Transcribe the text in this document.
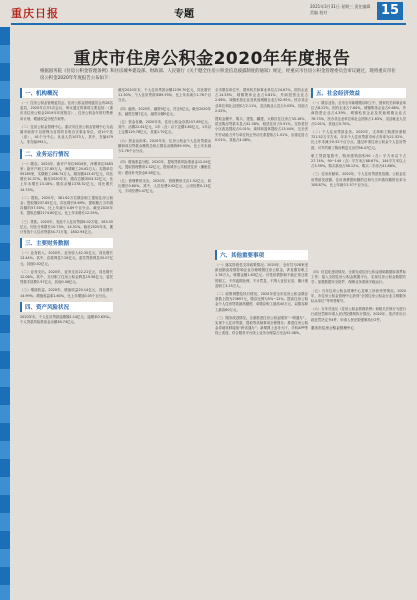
重庆日报	专题
2021年3月31日 星期三 责任编辑 美编 校对	15
重庆市住房公积金2020年年度报告
根据国务院《住房公积金管理条例》和住房城乡建设部、财政部、人民银行《关于健全住房公积金信息披露制度的通知》规定，经重庆市住房公积金管理委员会审议通过，现将重庆市住房公积金2020年年度报告公布如下：
一、机构概况

（一）住房公积金管理委员会。住房公积金管理委员会有28名委员，2020年召开1次会议，审议通过的事项主要包括：《重庆市住房公积金2019年年度报告》、住房公积金年度归集使用计划、增值收益分配方案等。

（二）住房公积金管理中心。重庆市住房公积金管理中心为直属市政府不以营利为目的的自收自支事业单位，设10个处（室），41个分中心。从业人员1073人，其中，在编479人，非在编594人。

二、业务运行情况

（一）缴存。2020年，新开户单位6034家，净增单位5483家；新开户职工27.85万人，净增职工20.62万人；实缴单位55189家，实缴职工288.74万人，缴存额413.67亿元，同比增长10.37%。截至2020年末，缴存总额3553.32亿元，比上年末增长13.18%；缴存余额1378.52亿元，同比增长14.74%。

（二）提取。2020年，381.62万名缴存职工提取住房公积金；提取额237.85亿元，同比增长8.69%；提取额占当年缴存额的57.50%，比上年减少0.89个百分点。截至2020年末，提取总额2174.80亿元，比上年末增长12.29%。

（三）贷款。2020年，发放个人住房贷款6.02万笔、263.35亿元，同比分别增长10.73%、14.51%。截至2020年末，累计发放个人住房贷款54.71万笔、1802.94亿元。

三、主要财务数据

（一）业务收入。2020年，业务收入42.35亿元，同比增长13.44%。其中，存款利息7.26亿元，委托贷款利息35.07亿元，其他0.02亿元。

（二）业务支出。2020年，业务支出22.21亿元，同比增长12.06%。其中，支付职工住房公积金利息19.58亿元，委托贷款手续费2.57亿元，其他0.06亿元。

（三）增值收益。2020年，增值收益20.14亿元，同比增长14.99%；增值收益率1.60%，比上年增加0.05个百分点。

四、资产风险状况

2020年末，个人住房贷款逾期额1.14亿元，逾期率0.63‰，个人贷款风险准备金余额38.74亿元。

截至2020年末，个人住房贷款余额1239.70亿元，同比增长11.30%，个人住房贷款率89.93%，比上年末减少2.76个百分点。

（四）融资。2020年，融资0亿元，归还0亿元。截至2020年末，融资总额7亿元，融资余额0亿元。

（五）资金存储。2020年末，住房公积金存款157.89亿元。其中，活期22.61亿元，1年（含）以下定期3.80亿元，1年以上定期129.78亿元，其他1.70亿元。

（六）资金运用率。2020年末，住房公积金个人住房贷款余额和项目贷款余额的总和占缴存余额的89.93%，比上年末减少2.76个百分点。

（四）增值收益分配。2020年，提取贷款风险准备金12.04亿元，提取管理费用1.52亿元，提取城市公共租赁住房（廉租住房）建设补充资金6.58亿元。

（五）管理费用支出。2020年，管理费用支出1.52亿元，同比增长0.80%。其中，人员经费0.92亿元，公用经费0.13亿元，专项经费0.47亿元。

全市缴存单位中，国家机关和事业单位占24.67%，国有企业占14.55%，城镇集体企业占0.81%，外商投资企业占2.46%，城镇私营企业及其他城镇企业占52.95%，民办非企业单位和社会团体占2.11%，灵活就业人员占0.03%，其他占2.42%。

提取金额中，购买、建造、翻建、大修自住住房占33.16%，偿还购房贷款本息占42.38%，租赁住房占5.91%，支持老旧小区改造提取占0.01%；离休和退休提取占13.44%，完全丧失劳动能力并与单位终止劳动关系提取占1.01%，出境定居占0.01%，其他占4.08%。

五、社会经济效益

（一）缴存业务。全市全年新增缴存职工中，国家机关和事业单位占8.22%，国有企业占7.64%，城镇集体企业占0.68%，外商投资企业占4.39%，城镇私营企业及其他城镇企业占76.73%，民办非企业单位和社会团体占1.63%，灵活就业人员占0.01%，其他占0.70%。

（二）个人住房贷款业务。2020年，支持职工购建房面积721.52万平方米，年末个人住房贷款市场占有率为21.52%，比上年末减少0.52个百分点。通过申请住房公积金个人住房贷款，可节约职工购房利息支出约56.47亿元。

职工贷款笔数中，购房建筑面积90（含）平方米以下占27.74%，90~144（含）平方米占68.67%，144平方米以上占3.59%。购买新房占58.12%，购买二手房占41.88%。

（三）住房贡献率。2020年，个人住房贷款发放额、公积金住房贷款发放额、住房消费提取额的总和与当年缴存额的比率为108.87%，比上年减少2.57个百分点。

六、其他重要事项

（一）落实阶段性支持政策情况。2020年，全市共为28家受新冠肺炎疫情影响企业办理缓缴住房公积金，涉及缴存职工1.78万人，缓缴金额1.63亿元。对受疫情影响不能正常还款的职工，不作逾期处理，不计罚息，不纳入征信记录，累计惠及职工3.15万人。

（二）政策调整及执行情况。2020年度全市住房公积金缴存基数上限为23697元，缴存比例为5%~12%。提高住房公积金个人住房贷款最高额度，单缴存职工最高40万元，双缴存职工最高60万元。

（三）服务改进情况。全面推进住房公积金服务“一网通办”，实现个人住房贷款、提取等高频事项全程网办；推进住房公积金异地转移接续“跨省通办”；新增网上业务大厅、手机APP等线上渠道，综合服务平台线上业务办理量占比达92.08%。

（四）信息化建设情况。全面完成住房公积金基础数据标准贯标工作；接入全国住房公积金数据平台，实现住房公积金数据共享；加强数据安全防护，保障业务系统平稳运行。

（五）当年住房公积金管理中心及职工所获荣誉情况。2020年，市住房公积金管理中心获得“全国住房公积金行业文明服务标兵单位”等荣誉称号。

（六）当年对违反《住房公积金管理条例》和相关法规行为进行行政处罚和申请人民法院强制执行情况。2020年，依法作出行政处罚决定书4件，申请人民法院强制执行2件。

重庆市住房公积金管理中心
